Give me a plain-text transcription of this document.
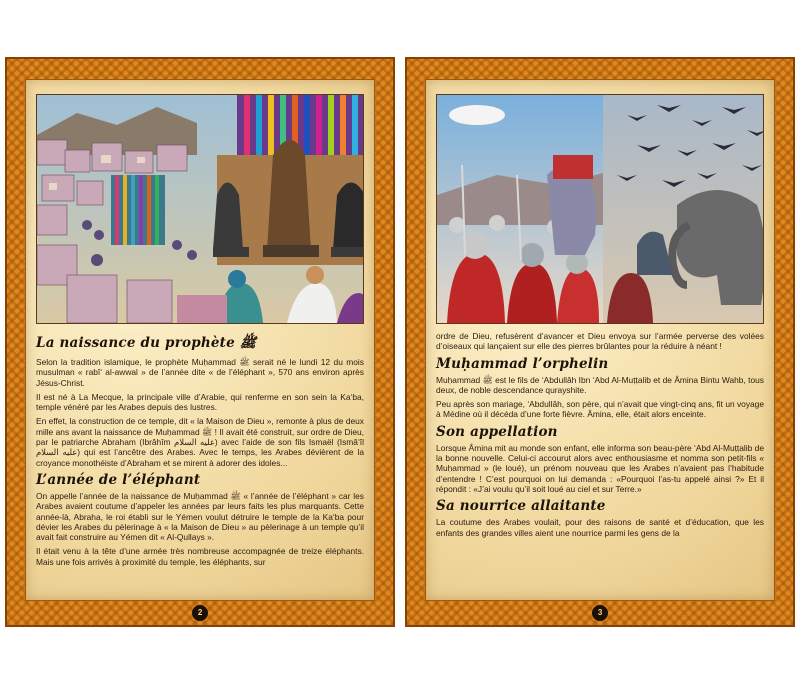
La naissance du prophète ﷺ

Selon la tradition islamique, le prophète Muḥammad ﷺ serait né le lundi 12 du mois musulman « rabî‘ al-awwal » de l’année dite « de l’éléphant », 570 ans environ après Jésus-Christ.

Il est né à La Mecque, la principale ville d’Arabie, qui renferme en son sein la Ka‘ba, temple vénéré par les Arabes depuis des lustres.

En effet, la construction de ce temple, dit « la Maison de Dieu », remonte à plus de deux mille ans avant la naissance de Muḥammad ﷺ ! Il avait été construit, sur ordre de Dieu, par le patriarche Abraham (Ibrâhîm عليه السلام) avec l’aide de son fils Ismaël (Ismâ‘îl عليه السلام) qui est l’ancêtre des Arabes. Avec le temps, les Arabes dévièrent de la croyance monothéiste d’Abraham et se mirent à adorer des idoles...

L’année de l’éléphant

On appelle l’année de la naissance de Muḥammad ﷺ « l’année de l’éléphant » car les Arabes avaient coutume d’appeler les années par leurs faits les plus marquants. Cette année-là, Abraha, le roi établi sur le Yémen voulut détruire le temple de la Ka‘ba pour dévier les Arabes du pèlerinage à « la Maison de Dieu » au pèlerinage à un temple qu’il avait fait construire au Yémen dit « Al-Qullays ».

Il était venu à la tête d’une armée très nombreuse accompagnée de treize éléphants. Mais une fois arrivés à proximité du temple, les éléphants, sur

2

ordre de Dieu, refusèrent d’avancer et Dieu envoya sur l’armée perverse des volées d’oiseaux qui lançaient sur elle des pierres brûlantes pour la réduire à néant !

Muḥammad l’orphelin

Muḥammad ﷺ est le fils de ‘Abdullâh Ibn ‘Abd Al-Muṭṭalib et de Âmina Bintu Wahb, tous deux, de noble descendance qurayshite.

Peu après son mariage, ‘Abdullâh, son père, qui n’avait que vingt-cinq ans, fit un voyage à Médine où il décéda d’une forte fièvre. Âmina, elle, était alors enceinte.

Son appellation

Lorsque Âmina mit au monde son enfant, elle informa son beau-père ‘Abd Al-Muṭṭalib de la bonne nouvelle. Celui-ci accourut alors avec enthousiasme et nomma son petit-fils « Muḥammad » (le loué), un prénom nouveau que les Arabes n’avaient pas l’habitude d’entendre ! C’est pourquoi on lui demanda : «Pourquoi l’as-tu appelé ainsi ?» Et il répondit : «J’ai voulu qu’il soit loué au ciel et sur Terre.»

Sa nourrice allaitante

La coutume des Arabes voulait, pour des raisons de santé et d’éducation, que les enfants des grandes villes aient une nourrice parmi les gens de la

3
